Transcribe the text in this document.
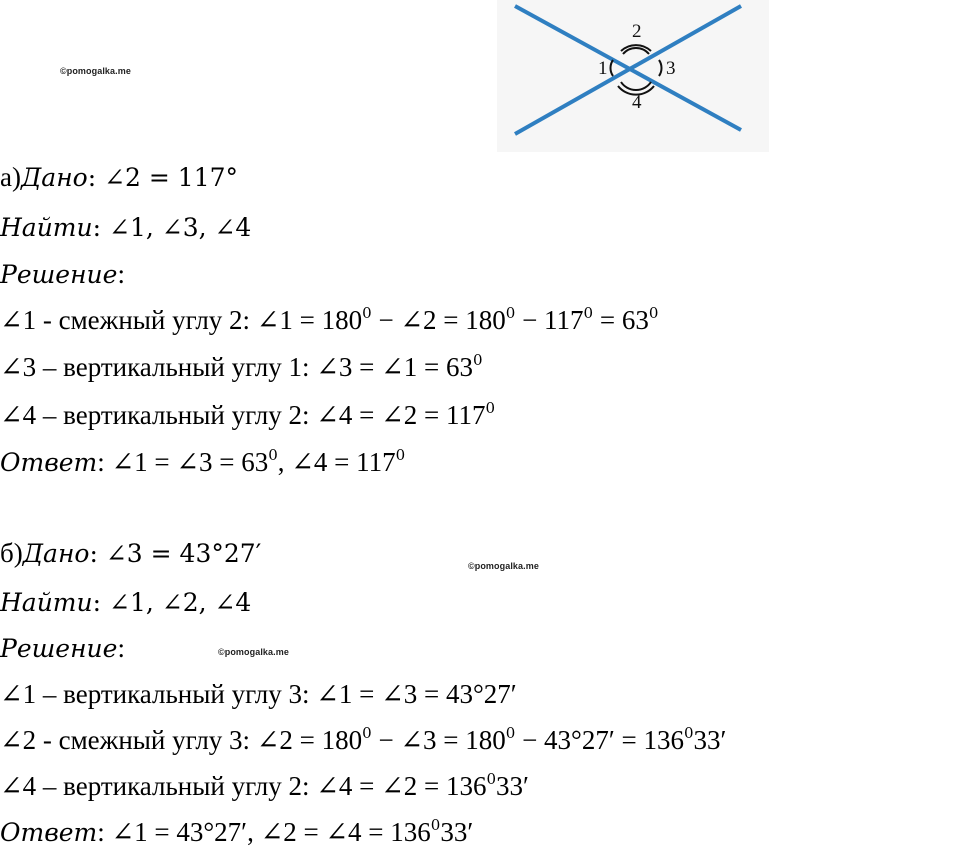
©pomogalka.me
©pomogalka.me
©pomogalka.me
1
2
3
4
а)Дано: ∠2 = 117°
Найти: ∠1, ∠3, ∠4
Решение:
∠1 - смежный углу 2: ∠1 = $180^0$ − ∠2 = $180^0 - 117^0 = 63^0$
∠3 – вертикальный углу 1: ∠3 = ∠1 = $63^0$
∠4 – вертикальный углу 2: ∠4 = ∠2 = $117^0$
Ответ: ∠1 = ∠3 = $63^0$, ∠4 = $117^0$
б)Дано: ∠3 = 43°27′
Найти: ∠1, ∠2, ∠4
Решение:
∠1 – вертикальный углу 3: ∠1 = ∠3 = 43°27′
∠2 - смежный углу 3: ∠2 = $180^0$ − ∠3 = $180^0 - 43^\circ 27' = 136^033'$
∠4 – вертикальный углу 2: ∠4 = ∠2 = $136^033'$
Ответ: ∠1 = 43°27′, ∠2 = ∠4 = $136^033'$
